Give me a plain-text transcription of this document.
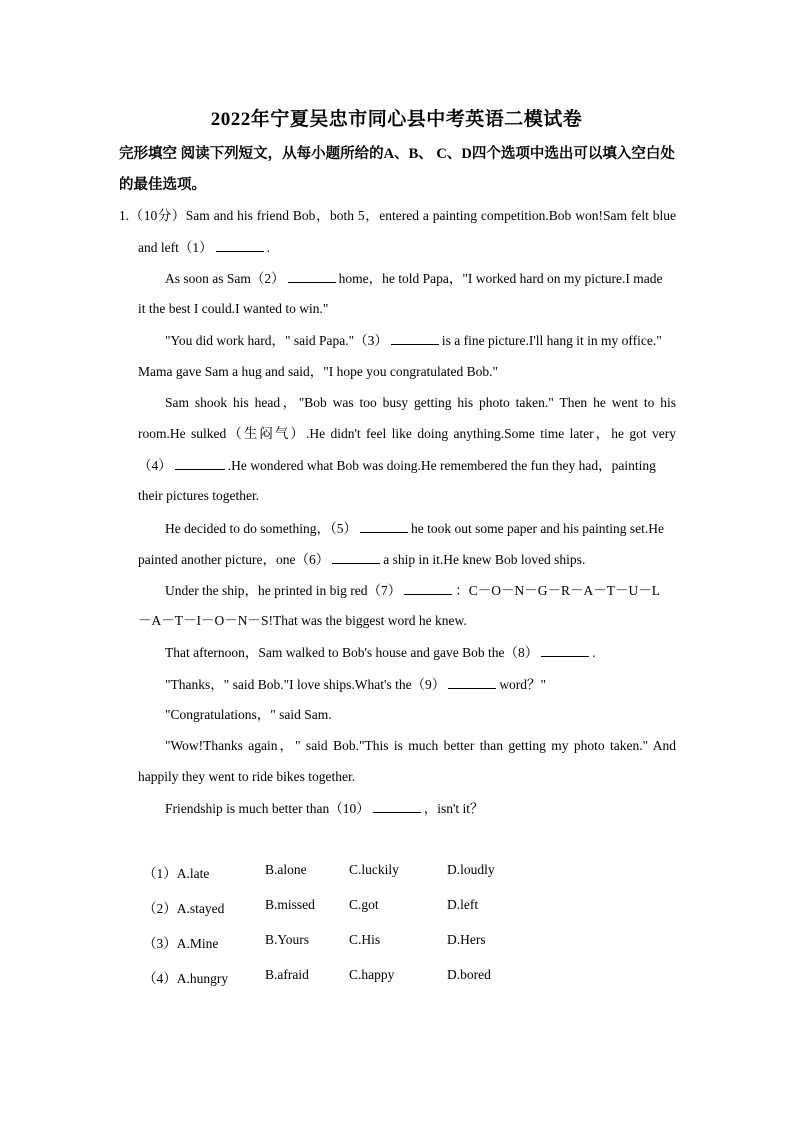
2022年宁夏吴忠市同心县中考英语二模试卷
完形填空 阅读下列短文，从每小题所给的A、B、 C、D四个选项中选出可以填入空白处的最佳选项。
1.（10分）Sam and his friend Bob，both 5，entered a painting competition.Bob won!Sam felt blue
and left（1）	.
As soon as Sam（2）	home，he told Papa，"I worked hard on my picture.I made
it the best I could.I wanted to win."
"You did work hard，" said Papa."（3）	is a fine picture.I'll hang it in my office."
Mama gave Sam a hug and said，"I hope you congratulated Bob."
Sam shook his head，"Bob was too busy getting his photo taken." Then he went to his
room.He sulked（生闷气）.He didn't feel like doing anything.Some time later，he got very
（4）	.He wondered what Bob was doing.He remembered the fun they had，painting
their pictures together.
He decided to do something，（5）	he took out some paper and his painting set.He
painted another picture，one（6）	a ship in it.He knew Bob loved ships.
Under the ship，he printed in big red（7）	：C－O－N－G－R－A－T－U－L
－A－T－I－O－N－S!That was the biggest word he knew.
That afternoon，Sam walked to Bob's house and gave Bob the（8）	.
"Thanks，" said Bob."I love ships.What's the（9）	word？"
"Congratulations，" said Sam.
"Wow!Thanks again，" said Bob."This is much better than getting my photo taken." And
happily they went to ride bikes together.
Friendship is much better than（10）	，isn't it？
（1）A.late	B.alone	C.luckily	D.loudly
（2）A.stayed	B.missed	C.got	D.left
（3）A.Mine	B.Yours	C.His	D.Hers
（4）A.hungry	B.afraid	C.happy	D.bored
